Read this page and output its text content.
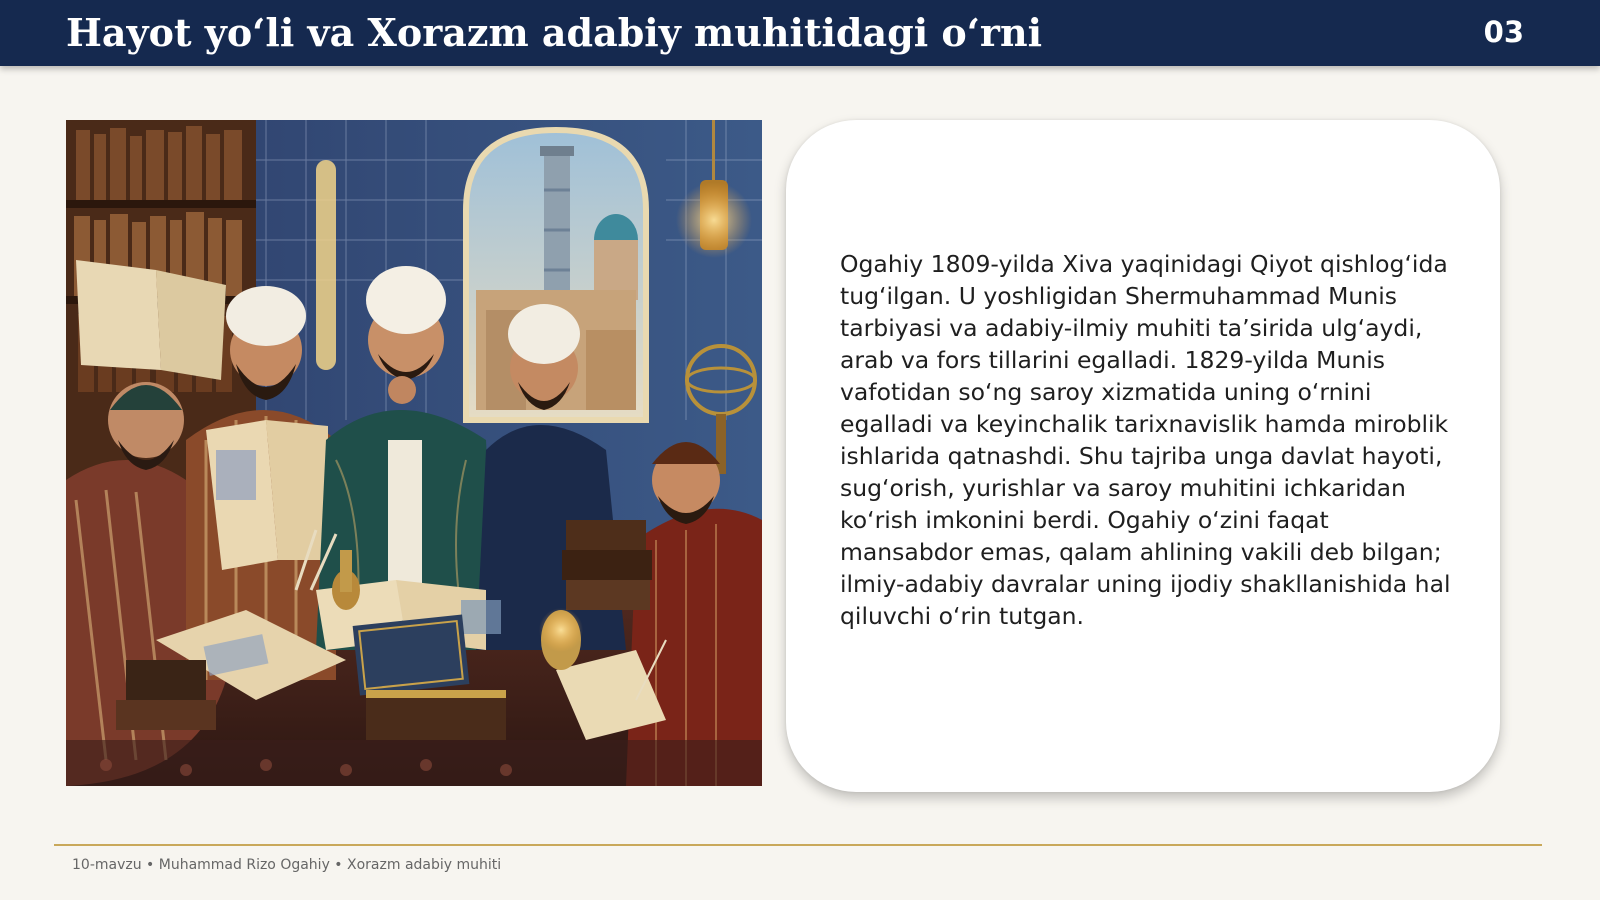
Hayot yo‘li va Xorazm adabiy muhitidagi o‘rni	03

Ogahiy 1809-yilda Xiva yaqinidagi Qiyot qishlog‘ida tug‘ilgan. U yoshligidan Shermuhammad Munis tarbiyasi va adabiy-ilmiy muhiti ta’sirida ulg‘aydi, arab va fors tillarini egalladi. 1829-yilda Munis vafotidan so‘ng saroy xizmatida uning o‘rnini egalladi va keyinchalik tarixnavislik hamda miroblik ishlarida qatnashdi. Shu tajriba unga davlat hayoti, sug‘orish, yurishlar va saroy muhitini ichkaridan ko‘rish imkonini berdi. Ogahiy o‘zini faqat mansabdor emas, qalam ahlining vakili deb bilgan; ilmiy-adabiy davralar uning ijodiy shakllanishida hal qiluvchi o‘rin tutgan.

10-mavzu • Muhammad Rizo Ogahiy • Xorazm adabiy muhiti
